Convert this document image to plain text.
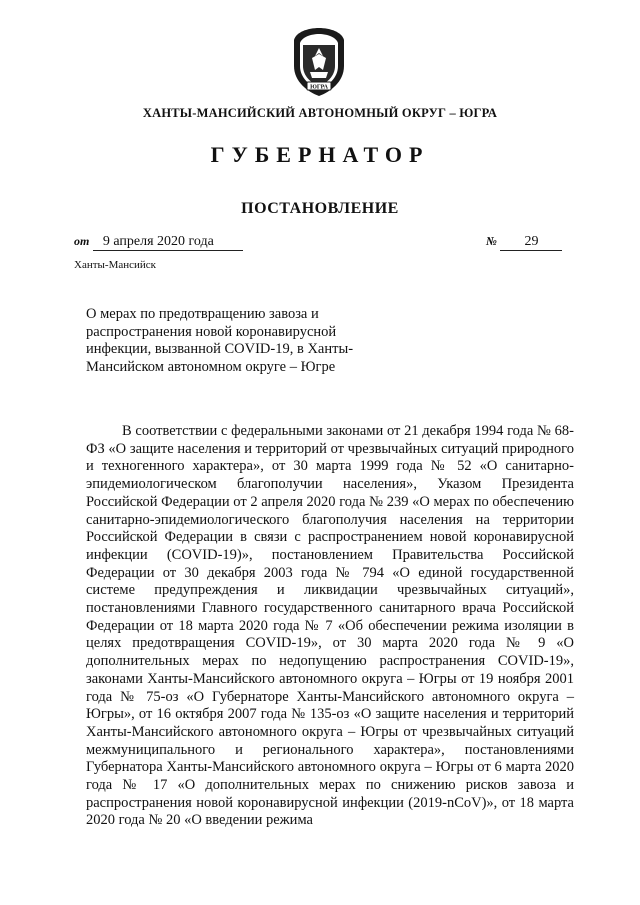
ЮГРА
ХАНТЫ-МАНСИЙСКИЙ АВТОНОМНЫЙ ОКРУГ – ЮГРА
ГУБЕРНАТОР
ПОСТАНОВЛЕНИЕ
от 9 апреля 2020 года	№ 29
Ханты-Мансийск
О мерах по предотвращению завоза и распространения новой коронавирусной инфекции, вызванной COVID-19, в Ханты-Мансийском автономном округе – Югре

В соответствии с федеральными законами от 21 декабря 1994 года № 68-ФЗ «О защите населения и территорий от чрезвычайных ситуаций природного и техногенного характера», от 30 марта 1999 года № 52 «О санитарно-эпидемиологическом благополучии населения», Указом Президента Российской Федерации от 2 апреля 2020 года № 239 «О мерах по обеспечению санитарно-эпидемиологического благополучия населения на территории Российской Федерации в связи с распространением новой коронавирусной инфекции (COVID-19)», постановлением Правительства Российской Федерации от 30 декабря 2003 года № 794 «О единой государственной системе предупреждения и ликвидации чрезвычайных ситуаций», постановлениями Главного государственного санитарного врача Российской Федерации от 18 марта 2020 года № 7 «Об обеспечении режима изоляции в целях предотвращения COVID-19», от 30 марта 2020 года № 9 «О дополнительных мерах по недопущению распространения COVID-19», законами Ханты-Мансийского автономного округа – Югры от 19 ноября 2001 года № 75-оз «О Губернаторе Ханты-Мансийского автономного округа – Югры», от 16 октября 2007 года № 135-оз «О защите населения и территорий Ханты-Мансийского автономного округа – Югры от чрезвычайных ситуаций межмуниципального и регионального характера», постановлениями Губернатора Ханты-Мансийского автономного округа – Югры от 6 марта 2020 года № 17 «О дополнительных мерах по снижению рисков завоза и распространения новой коронавирусной инфекции (2019-nCoV)», от 18 марта 2020 года № 20 «О введении режима
